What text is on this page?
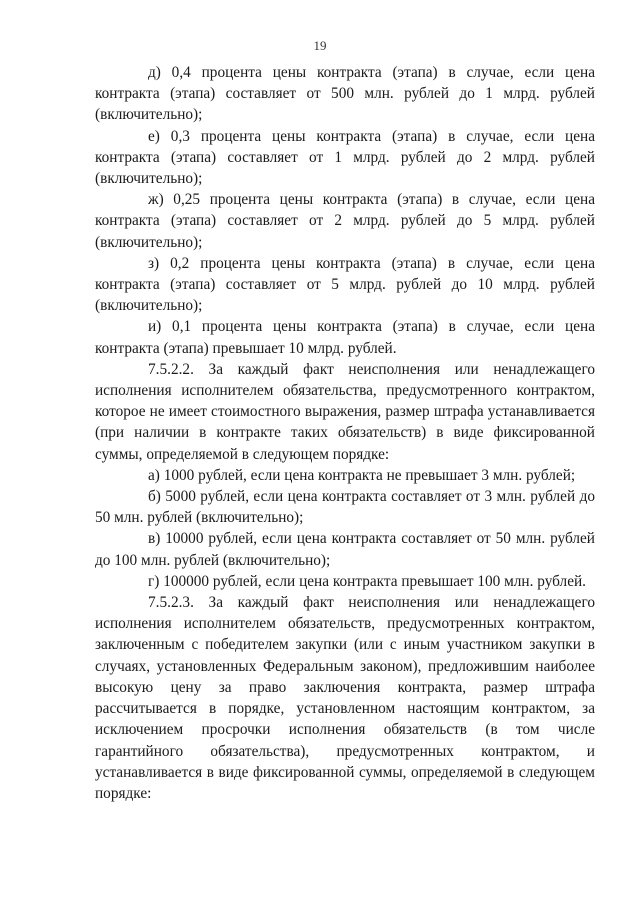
19

д) 0,4 процента цены контракта (этапа) в случае, если цена контракта (этапа) составляет от 500 млн. рублей до 1 млрд. рублей (включительно);

е) 0,3 процента цены контракта (этапа) в случае, если цена контракта (этапа) составляет от 1 млрд. рублей до 2 млрд. рублей (включительно);

ж) 0,25 процента цены контракта (этапа) в случае, если цена контракта (этапа) составляет от 2 млрд. рублей до 5 млрд. рублей (включительно);

з) 0,2 процента цены контракта (этапа) в случае, если цена контракта (этапа) составляет от 5 млрд. рублей до 10 млрд. рублей (включительно);

и) 0,1 процента цены контракта (этапа) в случае, если цена контракта (этапа) превышает 10 млрд. рублей.

7.5.2.2. За каждый факт неисполнения или ненадлежащего исполнения исполнителем обязательства, предусмотренного контрактом, которое не имеет стоимостного выражения, размер штрафа устанавливается (при наличии в контракте таких обязательств) в виде фиксированной суммы, определяемой в следующем порядке:

а) 1000 рублей, если цена контракта не превышает 3 млн. рублей;

б) 5000 рублей, если цена контракта составляет от 3 млн. рублей до 50 млн. рублей (включительно);

в) 10000 рублей, если цена контракта составляет от 50 млн. рублей до 100 млн. рублей (включительно);

г) 100000 рублей, если цена контракта превышает 100 млн. рублей.

7.5.2.3. За каждый факт неисполнения или ненадлежащего исполнения исполнителем обязательств, предусмотренных контрактом, заключенным с победителем закупки (или с иным участником закупки в случаях, установленных Федеральным законом), предложившим наиболее высокую цену за право заключения контракта, размер штрафа рассчитывается в порядке, установленном настоящим контрактом, за исключением просрочки исполнения обязательств (в том числе гарантийного обязательства), предусмотренных контрактом, и устанавливается в виде фиксированной суммы, определяемой в следующем порядке:
